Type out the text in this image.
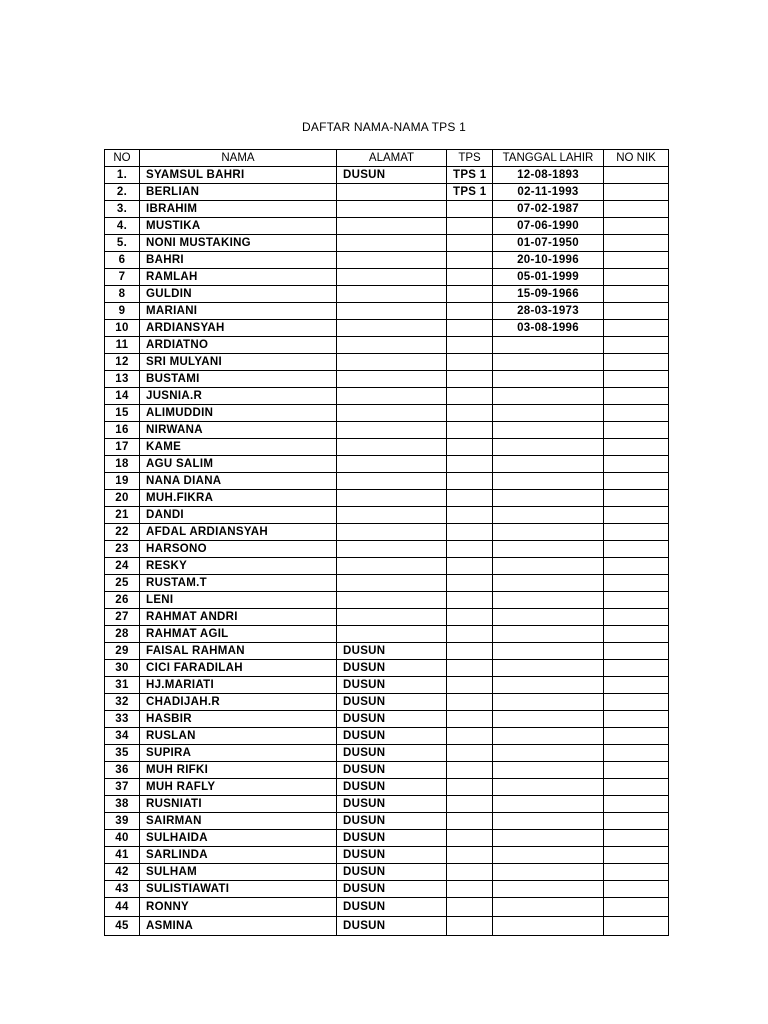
DAFTAR NAMA-NAMA TPS 1
NO	NAMA	ALAMAT	TPS	TANGGAL LAHIR	NO NIK
1.	SYAMSUL BAHRI	DUSUN	TPS 1	12-08-1893	
2.	BERLIAN		TPS 1	02-11-1993	
3.	IBRAHIM			07-02-1987	
4.	MUSTIKA			07-06-1990	
5.	NONI MUSTAKING			01-07-1950	
6	BAHRI			20-10-1996	
7	RAMLAH			05-01-1999	
8	GULDIN			15-09-1966	
9	MARIANI			28-03-1973	
10	ARDIANSYAH			03-08-1996	
11	ARDIATNO				
12	SRI MULYANI				
13	BUSTAMI				
14	JUSNIA.R				
15	ALIMUDDIN				
16	NIRWANA				
17	KAME				
18	AGU SALIM				
19	NANA DIANA				
20	MUH.FIKRA				
21	DANDI				
22	AFDAL ARDIANSYAH				
23	HARSONO				
24	RESKY				
25	RUSTAM.T				
26	LENI				
27	RAHMAT ANDRI				
28	RAHMAT AGIL				
29	FAISAL RAHMAN	DUSUN			
30	CICI FARADILAH	DUSUN			
31	HJ.MARIATI	DUSUN			
32	CHADIJAH.R	DUSUN			
33	HASBIR	DUSUN			
34	RUSLAN	DUSUN			
35	SUPIRA	DUSUN			
36	MUH RIFKI	DUSUN			
37	MUH RAFLY	DUSUN			
38	RUSNIATI	DUSUN			
39	SAIRMAN	DUSUN			
40	SULHAIDA	DUSUN			
41	SARLINDA	DUSUN			
42	SULHAM	DUSUN			
43	SULISTIAWATI	DUSUN			
44	RONNY	DUSUN			
45	ASMINA	DUSUN			
